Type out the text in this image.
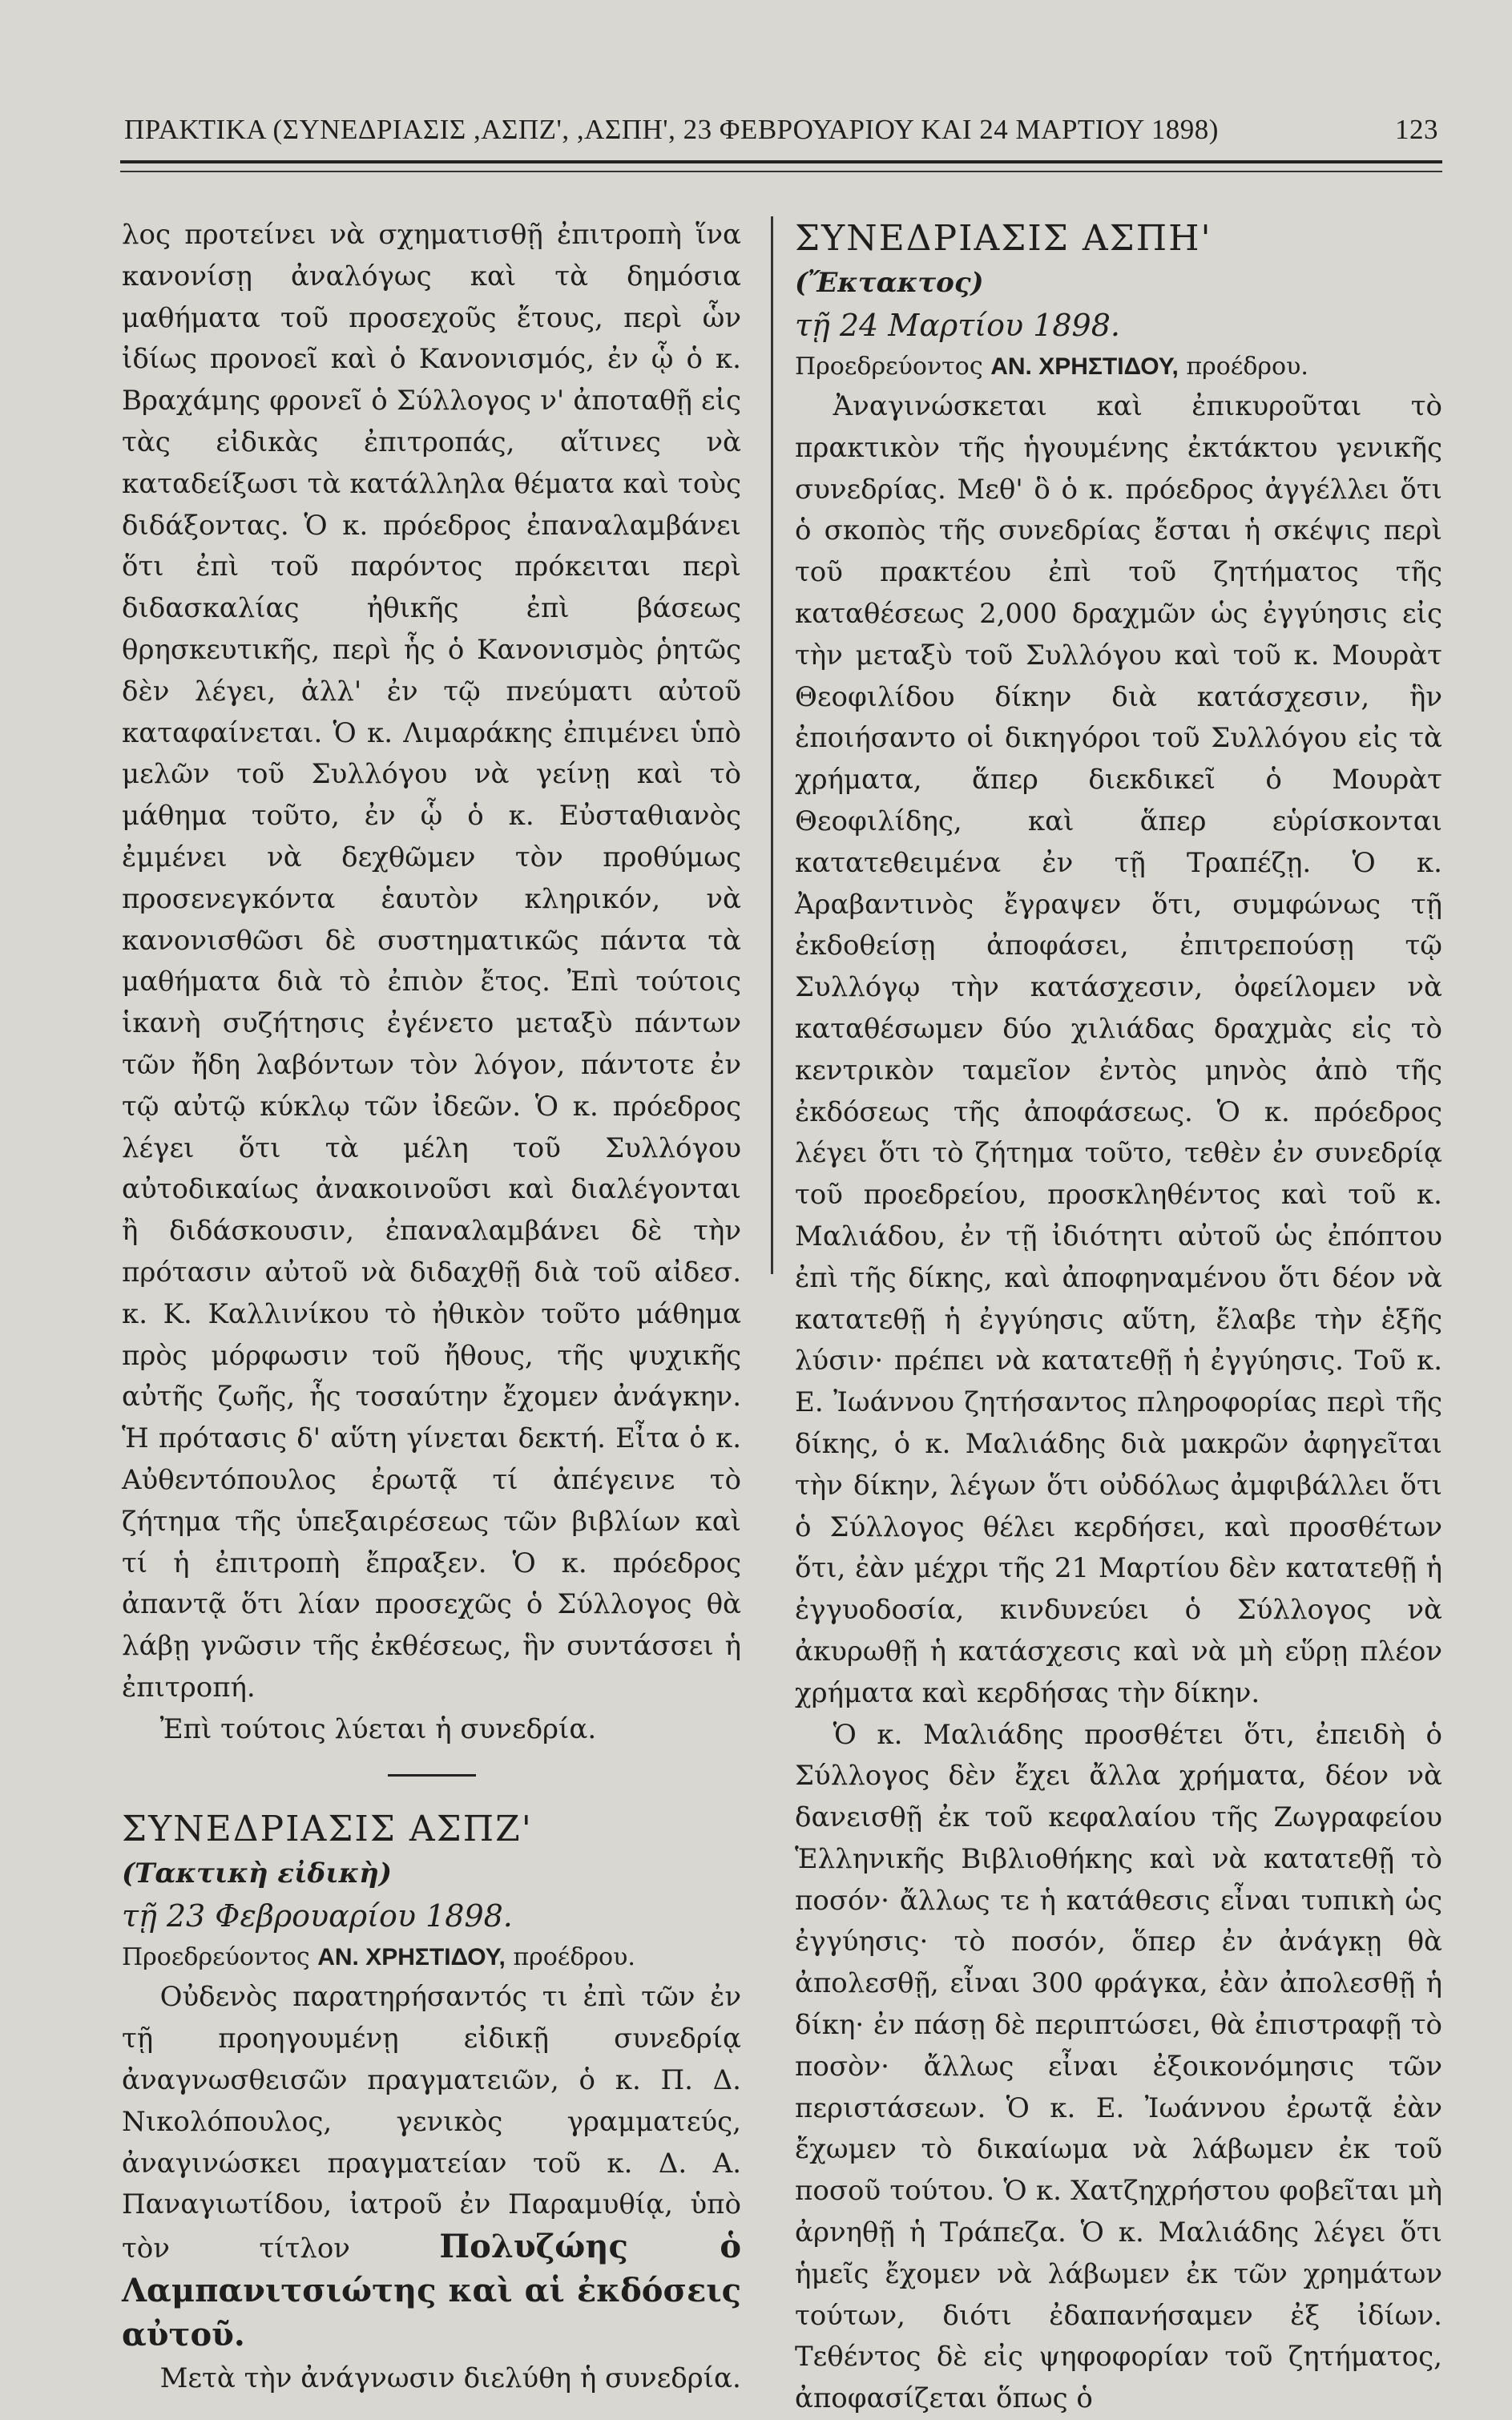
ΠΡΑΚΤΙΚΑ (ΣΥΝΕΔΡΙΑΣΙΣ ,ΑΣΠΖ', ,ΑΣΠΗ', 23 ΦΕΒΡΟΥΑΡΙΟΥ ΚΑΙ 24 ΜΑΡΤΙΟΥ 1898)	123

λος προτείνει νὰ σχηματισθῇ ἐπιτροπὴ ἵνα κανονίσῃ ἀναλόγως καὶ τὰ δημόσια μαθήματα τοῦ προσεχοῦς ἔτους, περὶ ὧν ἰδίως προνοεῖ καὶ ὁ Κανονισμός, ἐν ᾧ ὁ κ. Βραχάμης φρονεῖ ὁ Σύλλογος ν' ἀποταθῇ εἰς τὰς εἰδικὰς ἐπιτροπάς, αἵτινες νὰ καταδείξωσι τὰ κατάλληλα θέματα καὶ τοὺς διδάξοντας. Ὁ κ. πρόεδρος ἐπαναλαμβάνει ὅτι ἐπὶ τοῦ παρόντος πρόκειται περὶ διδασκαλίας ἠθικῆς ἐπὶ βάσεως θρησκευτικῆς, περὶ ἧς ὁ Κανονισμὸς ῥητῶς δὲν λέγει, ἀλλ' ἐν τῷ πνεύματι αὐτοῦ καταφαίνεται. Ὁ κ. Λιμαράκης ἐπιμένει ὑπὸ μελῶν τοῦ Συλλόγου νὰ γείνῃ καὶ τὸ μάθημα τοῦτο, ἐν ᾧ ὁ κ. Εὐσταθιανὸς ἐμμένει νὰ δεχθῶμεν τὸν προθύμως προσενεγκόντα ἑαυτὸν κληρικόν, νὰ κανονισθῶσι δὲ συστηματικῶς πάντα τὰ μαθήματα διὰ τὸ ἐπιὸν ἔτος. Ἐπὶ τούτοις ἱκανὴ συζήτησις ἐγένετο μεταξὺ πάντων τῶν ἤδη λαβόντων τὸν λόγον, πάντοτε ἐν τῷ αὐτῷ κύκλῳ τῶν ἰδεῶν. Ὁ κ. πρόεδρος λέγει ὅτι τὰ μέλη τοῦ Συλλόγου αὐτοδικαίως ἀνακοινοῦσι καὶ διαλέγονται ἢ διδάσκουσιν, ἐπαναλαμβάνει δὲ τὴν πρότασιν αὐτοῦ νὰ διδαχθῇ διὰ τοῦ αἰδεσ. κ. Κ. Καλλινίκου τὸ ἠθικὸν τοῦτο μάθημα πρὸς μόρφωσιν τοῦ ἤθους, τῆς ψυχικῆς αὐτῆς ζωῆς, ἧς τοσαύτην ἔχομεν ἀνάγκην. Ἡ πρότασις δ' αὕτη γίνεται δεκτή. Εἶτα ὁ κ. Αὐθεντόπουλος ἐρωτᾷ τί ἀπέγεινε τὸ ζήτημα τῆς ὑπεξαιρέσεως τῶν βιβλίων καὶ τί ἡ ἐπιτροπὴ ἔπραξεν. Ὁ κ. πρόεδρος ἀπαντᾷ ὅτι λίαν προσεχῶς ὁ Σύλλογος θὰ λάβῃ γνῶσιν τῆς ἐκθέσεως, ἣν συντάσσει ἡ ἐπιτροπή.

Ἐπὶ τούτοις λύεται ἡ συνεδρία.

ΣΥΝΕΔΡΙΑΣΙΣ ΑΣΠΖ'

(Τακτικὴ εἰδικὴ)

τῇ 23 Φεβρουαρίου 1898.

Προεδρεύοντος ΑΝ. ΧΡΗΣΤΙΔΟΥ, προέδρου.

Οὐδενὸς παρατηρήσαντός τι ἐπὶ τῶν ἐν τῇ προηγουμένῃ εἰδικῇ συνεδρίᾳ ἀναγνωσθεισῶν πραγματειῶν, ὁ κ. Π. Δ. Νικολόπουλος, γενικὸς γραμματεύς, ἀναγινώσκει πραγματείαν τοῦ κ. Δ. Α. Παναγιωτίδου, ἰατροῦ ἐν Παραμυθίᾳ, ὑπὸ τὸν τίτλον	Πολυζώης ὁ Λαμπανιτσιώτης καὶ αἱ ἐκδόσεις αὐτοῦ.

Μετὰ τὴν ἀνάγνωσιν διελύθη ἡ συνεδρία.

ΣΥΝΕΔΡΙΑΣΙΣ ΑΣΠΗ'

(Ἔκτακτος)

τῇ 24 Μαρτίου 1898.

Προεδρεύοντος ΑΝ. ΧΡΗΣΤΙΔΟΥ, προέδρου.

Ἀναγινώσκεται καὶ ἐπικυροῦται τὸ πρακτικὸν τῆς ἡγουμένης ἐκτάκτου γενικῆς συνεδρίας. Μεθ' ὃ ὁ κ. πρόεδρος ἀγγέλλει ὅτι ὁ σκοπὸς τῆς συνεδρίας ἔσται ἡ σκέψις περὶ τοῦ πρακτέου ἐπὶ τοῦ ζητήματος τῆς καταθέσεως 2,000 δραχμῶν ὡς ἐγγύησις εἰς τὴν μεταξὺ τοῦ Συλλόγου καὶ τοῦ κ. Μουρὰτ Θεοφιλίδου δίκην διὰ κατάσχεσιν, ἣν ἐποιήσαντο οἱ δικηγόροι τοῦ Συλλόγου εἰς τὰ χρήματα, ἅπερ διεκδικεῖ ὁ Μουρὰτ Θεοφιλίδης, καὶ ἅπερ εὑρίσκονται κατατεθειμένα ἐν τῇ Τραπέζῃ. Ὁ κ. Ἀραβαντινὸς ἔγραψεν ὅτι, συμφώνως τῇ ἐκδοθείσῃ ἀποφάσει, ἐπιτρεπούσῃ τῷ Συλλόγῳ τὴν κατάσχεσιν, ὀφείλομεν νὰ καταθέσωμεν δύο χιλιάδας δραχμὰς εἰς τὸ κεντρικὸν ταμεῖον ἐντὸς μηνὸς ἀπὸ τῆς ἐκδόσεως τῆς ἀποφάσεως. Ὁ κ. πρόεδρος λέγει ὅτι τὸ ζήτημα τοῦτο, τεθὲν ἐν συνεδρίᾳ τοῦ προεδρείου, προσκληθέντος καὶ τοῦ κ. Μαλιάδου, ἐν τῇ ἰδιότητι αὐτοῦ ὡς ἐπόπτου ἐπὶ τῆς δίκης, καὶ ἀποφηναμένου ὅτι δέον νὰ κατατεθῇ ἡ ἐγγύησις αὕτη, ἔλαβε τὴν ἑξῆς λύσιν· πρέπει νὰ κατατεθῇ ἡ ἐγγύησις. Τοῦ κ. Ε. Ἰωάννου ζητήσαντος πληροφορίας περὶ τῆς δίκης, ὁ κ. Μαλιάδης διὰ μακρῶν ἀφηγεῖται τὴν δίκην, λέγων ὅτι οὐδόλως ἀμφιβάλλει ὅτι ὁ Σύλλογος θέλει κερδήσει, καὶ προσθέτων ὅτι, ἐὰν μέχρι τῆς 21 Μαρτίου δὲν κατατεθῇ ἡ ἐγγυοδοσία, κινδυνεύει ὁ Σύλλογος νὰ ἀκυρωθῇ ἡ κατάσχεσις καὶ νὰ μὴ εὕρῃ πλέον χρήματα καὶ κερδήσας τὴν δίκην.

Ὁ κ. Μαλιάδης προσθέτει ὅτι, ἐπειδὴ ὁ Σύλλογος δὲν ἔχει ἄλλα χρήματα, δέον νὰ δανεισθῇ ἐκ τοῦ κεφαλαίου τῆς Ζωγραφείου Ἑλληνικῆς Βιβλιοθήκης καὶ νὰ κατατεθῇ τὸ ποσόν· ἄλλως τε ἡ κατάθεσις εἶναι τυπικὴ ὡς ἐγγύησις· τὸ ποσόν, ὅπερ ἐν ἀνάγκῃ θὰ ἀπολεσθῇ, εἶναι 300 φράγκα, ἐὰν ἀπολεσθῇ ἡ δίκη· ἐν πάσῃ δὲ περιπτώσει, θὰ ἐπιστραφῇ τὸ ποσὸν· ἄλλως εἶναι ἐξοικονόμησις τῶν περιστάσεων. Ὁ κ. Ε. Ἰωάννου ἐρωτᾷ ἐὰν ἔχωμεν τὸ δικαίωμα νὰ λάβωμεν ἐκ τοῦ ποσοῦ τούτου. Ὁ κ. Χατζηχρήστου φοβεῖται μὴ ἀρνηθῇ ἡ Τράπεζα. Ὁ κ. Μαλιάδης λέγει ὅτι ἡμεῖς ἔχομεν νὰ λάβωμεν ἐκ τῶν χρημάτων τούτων, διότι ἐδαπανήσαμεν ἐξ ἰδίων. Τεθέντος δὲ εἰς ψηφοφορίαν τοῦ ζητήματος, ἀποφασίζεται ὅπως ὁ
